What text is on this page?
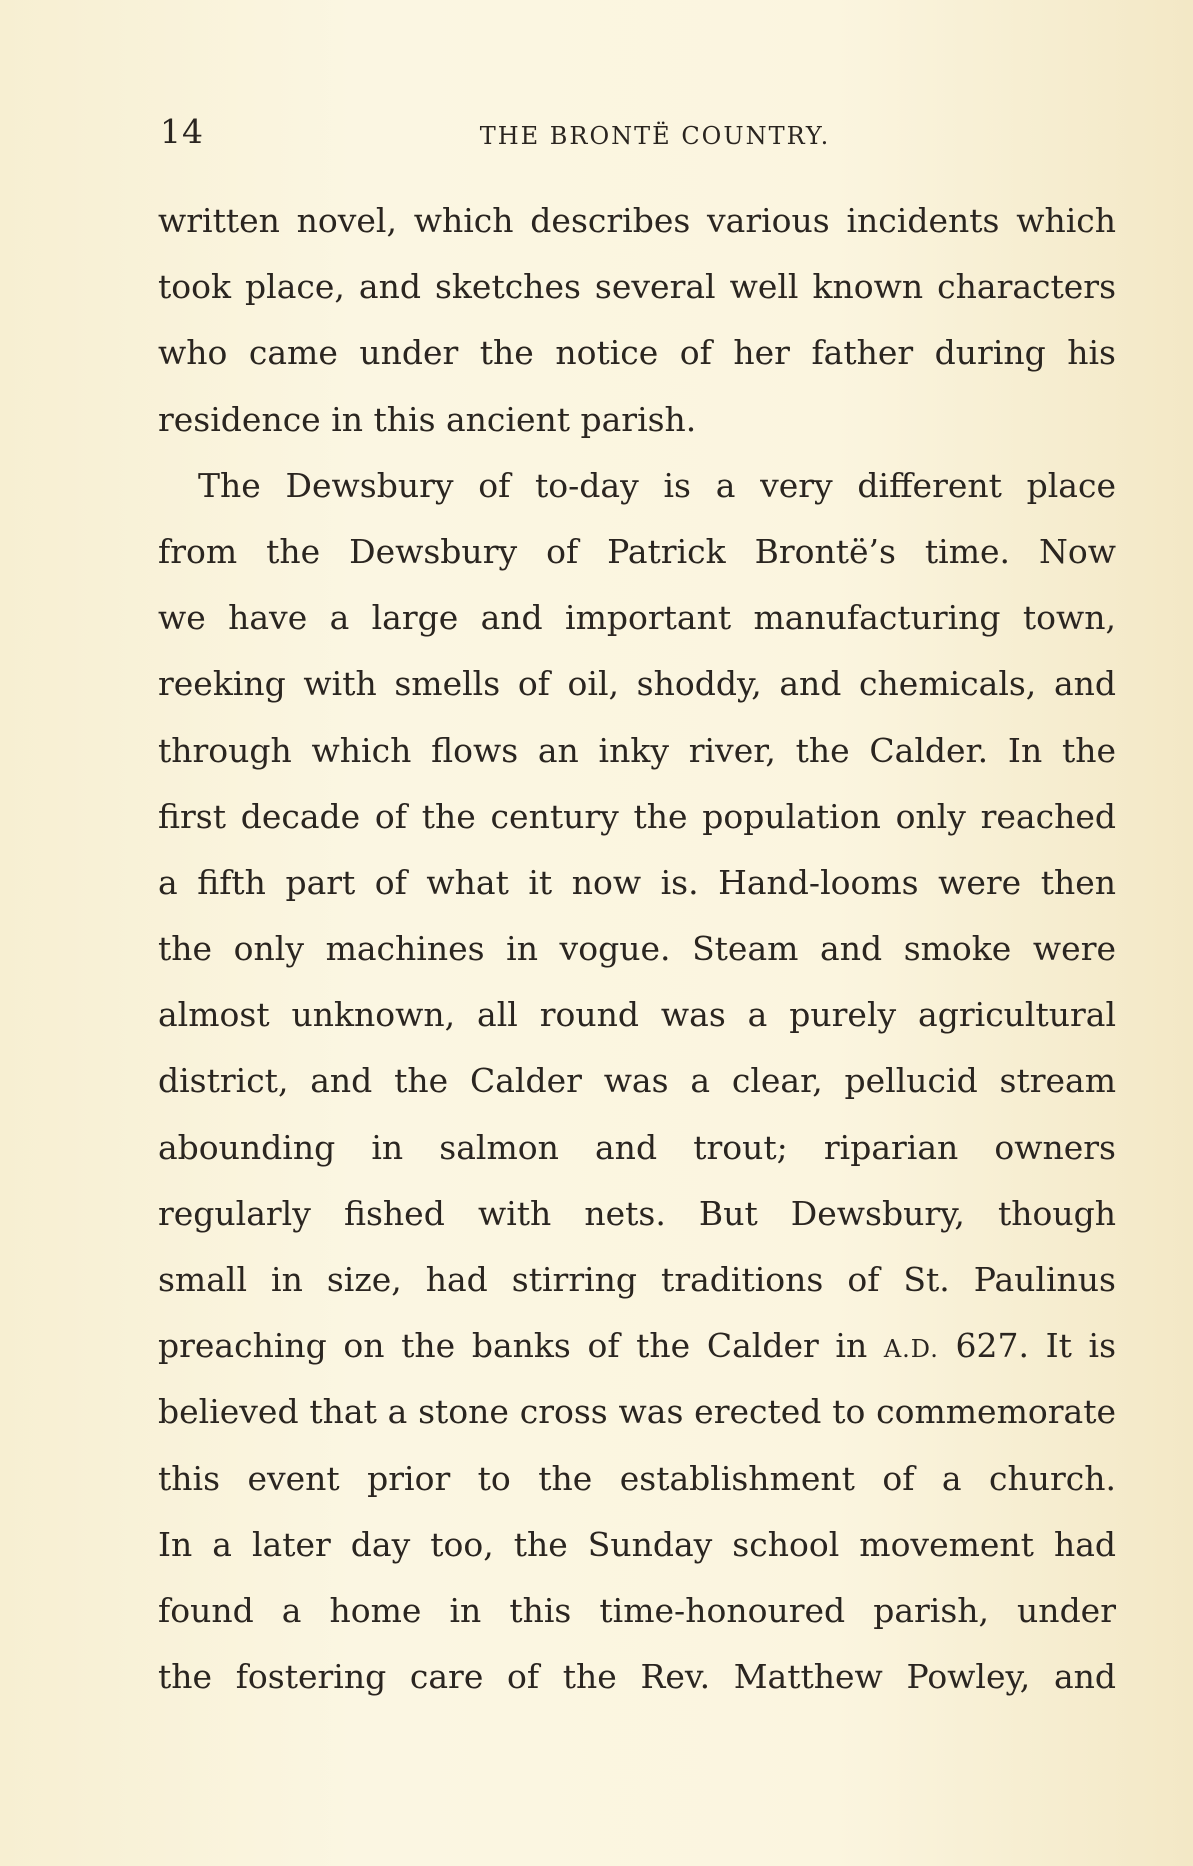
14	THE BRONTË COUNTRY.
written novel, which describes various incidents which
took place, and sketches several well known characters
who came under the notice of her father during his
residence in this ancient parish.
The Dewsbury of to-day is a very different place
from the Dewsbury of Patrick Brontë’s time. Now
we have a large and important manufacturing town,
reeking with smells of oil, shoddy, and chemicals, and
through which flows an inky river, the Calder. In the
first decade of the century the population only reached
a fifth part of what it now is. Hand-looms were then
the only machines in vogue. Steam and smoke were
almost unknown, all round was a purely agricultural
district, and the Calder was a clear, pellucid stream
abounding in salmon and trout; riparian owners
regularly fished with nets. But Dewsbury, though
small in size, had stirring traditions of St. Paulinus
preaching on the banks of the Calder in A.D. 627. It is
believed that a stone cross was erected to commemorate
this event prior to the establishment of a church.
In a later day too, the Sunday school movement had
found a home in this time-honoured parish, under
the fostering care of the Rev. Matthew Powley, and
